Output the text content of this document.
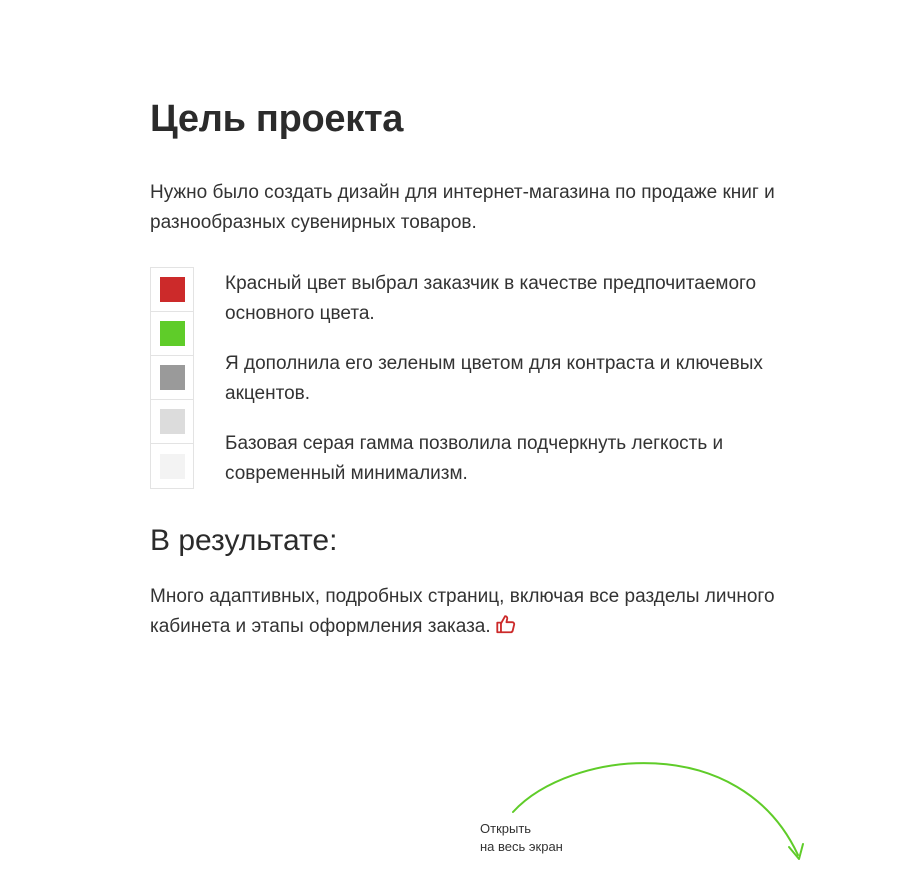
Цель проекта

Нужно было создать дизайн для интернет-магазина по продаже книг и разнообразных сувенирных товаров.

Красный цвет выбрал заказчик в качестве предпочитаемого основного цвета.

Я дополнила его зеленым цветом для контраста и ключевых акцентов.

Базовая серая гамма позволила подчеркнуть легкость и современный минимализм.

В результате:

Много адаптивных, подробных страниц, включая все разделы личного кабинета и этапы оформления заказа.

Открыть
на весь экран
